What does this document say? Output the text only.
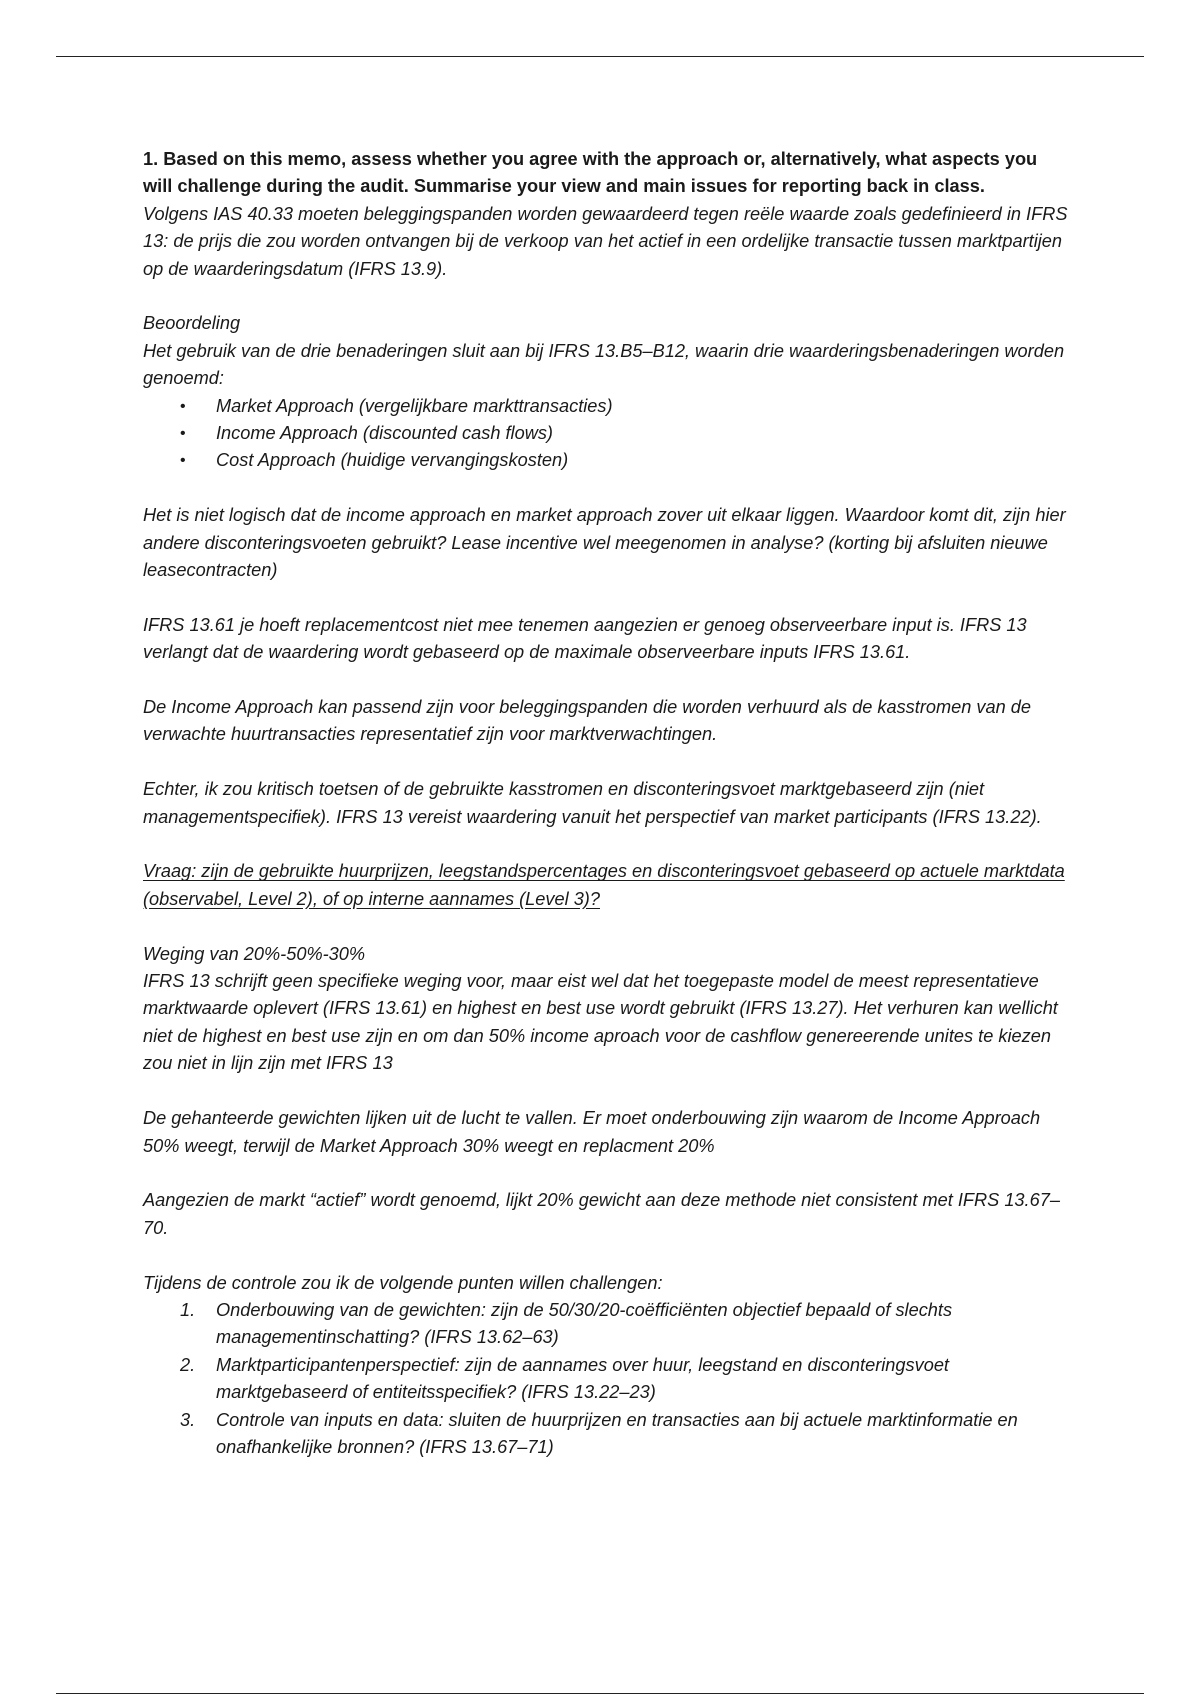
1. Based on this memo, assess whether you agree with the approach or, alternatively, what aspects you will challenge during the audit. Summarise your view and main issues for reporting back in class.

Volgens IAS 40.33 moeten beleggingspanden worden gewaardeerd tegen reële waarde zoals gedefinieerd in IFRS 13: de prijs die zou worden ontvangen bij de verkoop van het actief in een ordelijke transactie tussen marktpartijen op de waarderingsdatum (IFRS 13.9).

Beoordeling

Het gebruik van de drie benaderingen sluit aan bij IFRS 13.B5–B12, waarin drie waarderingsbenaderingen worden genoemd:

• Market Approach (vergelijkbare markttransacties)
• Income Approach (discounted cash flows)
• Cost Approach (huidige vervangingskosten)

Het is niet logisch dat de income approach en market approach zover uit elkaar liggen. Waardoor komt dit, zijn hier andere disconteringsvoeten gebruikt? Lease incentive wel meegenomen in analyse? (korting bij afsluiten nieuwe leasecontracten)

IFRS 13.61 je hoeft replacementcost niet mee tenemen aangezien er genoeg observeerbare input is. IFRS 13 verlangt dat de waardering wordt gebaseerd op de maximale observeerbare inputs IFRS 13.61.

De Income Approach kan passend zijn voor beleggingspanden die worden verhuurd als de kasstromen van de verwachte huurtransacties representatief zijn voor marktverwachtingen.

Echter, ik zou kritisch toetsen of de gebruikte kasstromen en disconteringsvoet marktgebaseerd zijn (niet managementspecifiek). IFRS 13 vereist waardering vanuit het perspectief van market participants (IFRS 13.22).

Vraag: zijn de gebruikte huurprijzen, leegstandspercentages en disconteringsvoet gebaseerd op actuele marktdata (observabel, Level 2), of op interne aannames (Level 3)?

Weging van 20%-50%-30%

IFRS 13 schrijft geen specifieke weging voor, maar eist wel dat het toegepaste model de meest representatieve marktwaarde oplevert (IFRS 13.61) en highest en best use wordt gebruikt (IFRS 13.27). Het verhuren kan wellicht niet de highest en best use zijn en om dan 50% income aproach voor de cashflow genereerende unites te kiezen zou niet in lijn zijn met IFRS 13

De gehanteerde gewichten lijken uit de lucht te vallen. Er moet onderbouwing zijn waarom de Income Approach 50% weegt, terwijl de Market Approach 30% weegt en replacment 20%

Aangezien de markt “actief” wordt genoemd, lijkt 20% gewicht aan deze methode niet consistent met IFRS 13.67–70.

Tijdens de controle zou ik de volgende punten willen challengen:

1. Onderbouwing van de gewichten: zijn de 50/30/20-coëfficiënten objectief bepaald of slechts managementinschatting? (IFRS 13.62–63)
2. Marktparticipantenperspectief: zijn de aannames over huur, leegstand en disconteringsvoet marktgebaseerd of entiteitsspecifiek? (IFRS 13.22–23)
3. Controle van inputs en data: sluiten de huurprijzen en transacties aan bij actuele marktinformatie en onafhankelijke bronnen? (IFRS 13.67–71)
